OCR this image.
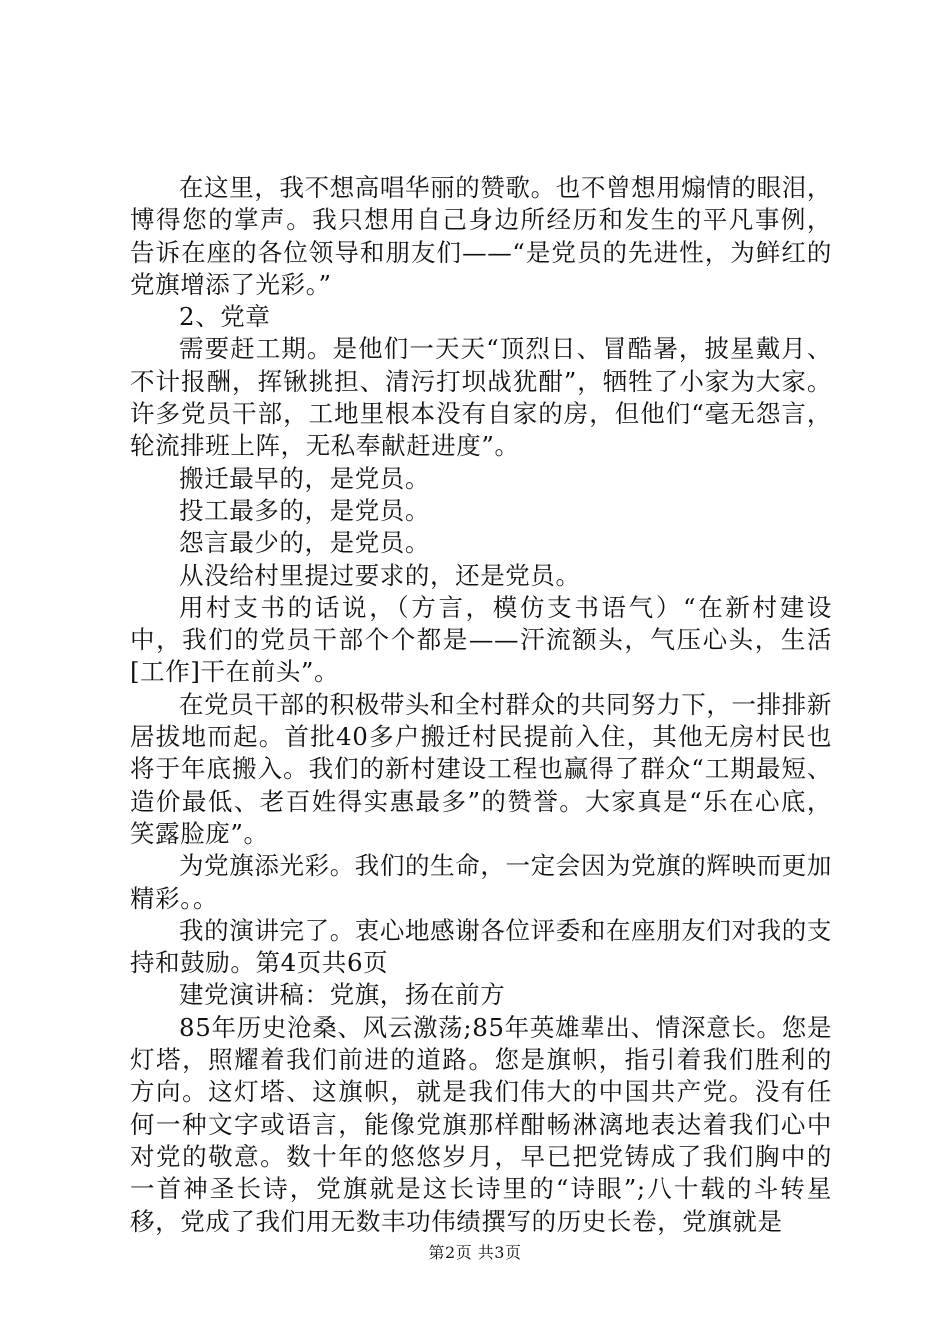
在这里，我不想高唱华丽的赞歌。也不曾想用煽情的眼泪，博得您的掌声。我只想用自己身边所经历和发生的平凡事例，告诉在座的各位领导和朋友们——“是党员的先进性，为鲜红的党旗增添了光彩。”

2、党章

需要赶工期。是他们一天天“顶烈日、冒酷暑，披星戴月、不计报酬，挥锹挑担、清污打坝战犹酣”，牺牲了小家为大家。许多党员干部，工地里根本没有自家的房，但他们“毫无怨言，轮流排班上阵，无私奉献赶进度”。

搬迁最早的，是党员。

投工最多的，是党员。

怨言最少的，是党员。

从没给村里提过要求的，还是党员。

用村支书的话说，（方言，模仿支书语气）“在新村建设中，我们的党员干部个个都是——汗流额头，气压心头，生活[工作]干在前头”。

在党员干部的积极带头和全村群众的共同努力下，一排排新居拔地而起。首批40多户搬迁村民提前入住，其他无房村民也将于年底搬入。我们的新村建设工程也赢得了群众“工期最短、造价最低、老百姓得实惠最多”的赞誉。大家真是“乐在心底，笑露脸庞”。

为党旗添光彩。我们的生命，一定会因为党旗的辉映而更加精彩。。

我的演讲完了。衷心地感谢各位评委和在座朋友们对我的支持和鼓励。第4页共6页

建党演讲稿：党旗，扬在前方

85年历史沧桑、风云激荡;85年英雄辈出、情深意长。您是灯塔，照耀着我们前进的道路。您是旗帜，指引着我们胜利的方向。这灯塔、这旗帜，就是我们伟大的中国共产党。没有任何一种文字或语言，能像党旗那样酣畅淋漓地表达着我们心中对党的敬意。数十年的悠悠岁月，早已把党铸成了我们胸中的一首神圣长诗，党旗就是这长诗里的“诗眼”;八十载的斗转星移，党成了我们用无数丰功伟绩撰写的历史长卷，党旗就是

第2页 共3页
